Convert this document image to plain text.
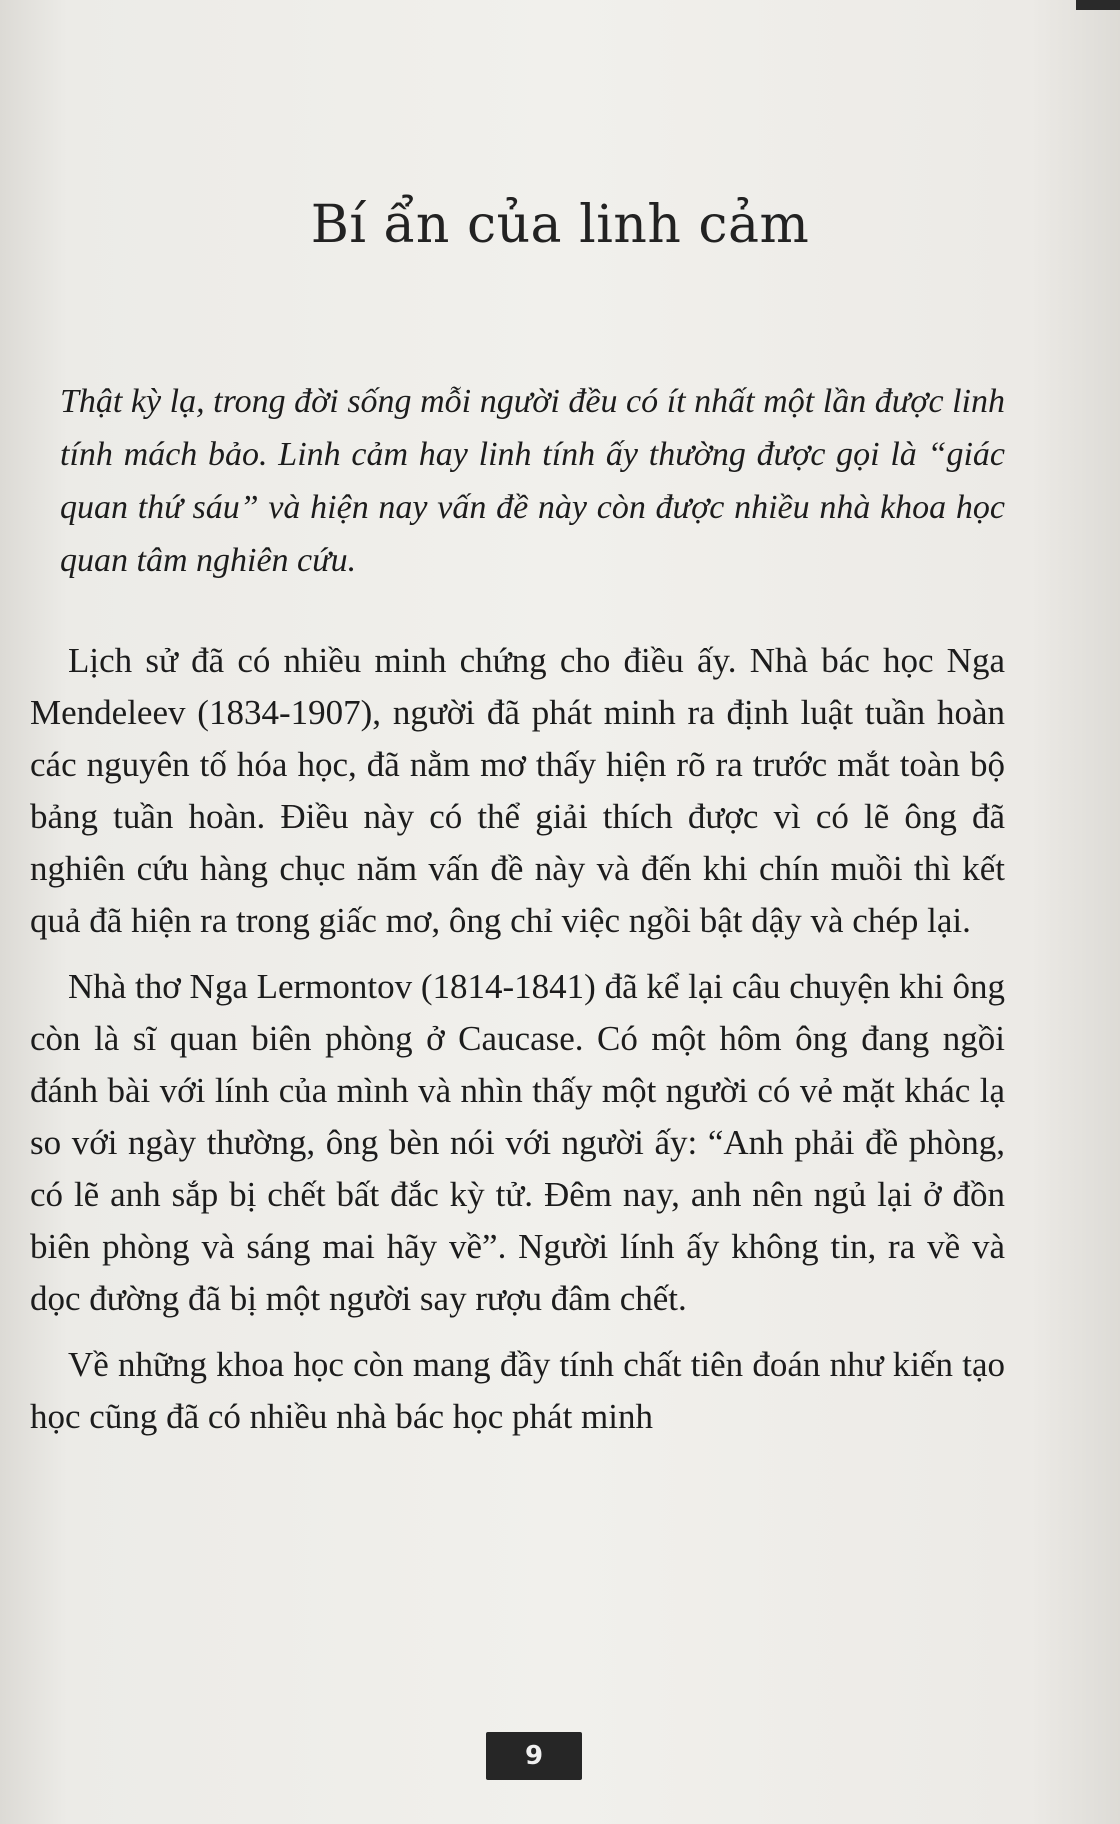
Bí ẩn của linh cảm

Thật kỳ lạ, trong đời sống mỗi người đều có ít nhất một lần được linh tính mách bảo. Linh cảm hay linh tính ấy thường được gọi là “giác quan thứ sáu” và hiện nay vấn đề này còn được nhiều nhà khoa học quan tâm nghiên cứu.

Lịch sử đã có nhiều minh chứng cho điều ấy. Nhà bác học Nga Mendeleev (1834-1907), người đã phát minh ra định luật tuần hoàn các nguyên tố hóa học, đã nằm mơ thấy hiện rõ ra trước mắt toàn bộ bảng tuần hoàn. Điều này có thể giải thích được vì có lẽ ông đã nghiên cứu hàng chục năm vấn đề này và đến khi chín muồi thì kết quả đã hiện ra trong giấc mơ, ông chỉ việc ngồi bật dậy và chép lại.

Nhà thơ Nga Lermontov (1814-1841) đã kể lại câu chuyện khi ông còn là sĩ quan biên phòng ở Caucase. Có một hôm ông đang ngồi đánh bài với lính của mình và nhìn thấy một người có vẻ mặt khác lạ so với ngày thường, ông bèn nói với người ấy: “Anh phải đề phòng, có lẽ anh sắp bị chết bất đắc kỳ tử. Đêm nay, anh nên ngủ lại ở đồn biên phòng và sáng mai hãy về”. Người lính ấy không tin, ra về và dọc đường đã bị một người say rượu đâm chết.

Về những khoa học còn mang đầy tính chất tiên đoán như kiến tạo học cũng đã có nhiều nhà bác học phát minh

9
